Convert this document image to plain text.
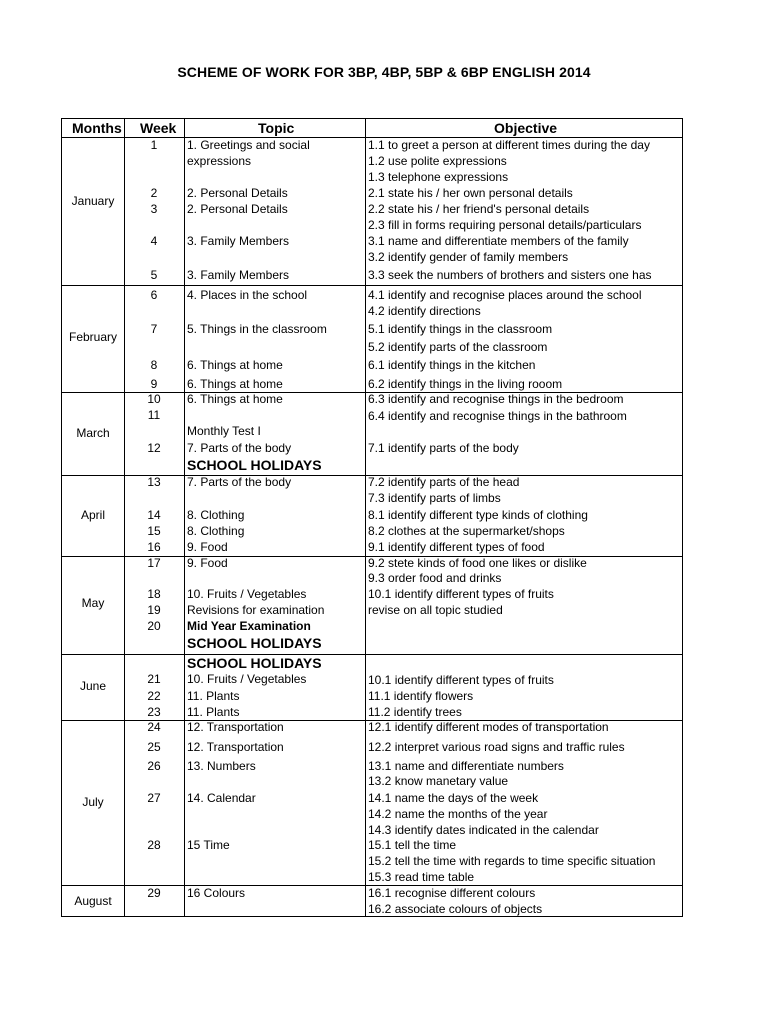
SCHEME OF WORK FOR 3BP, 4BP, 5BP & 6BP ENGLISH 2014
Months Week	Topic	Objective
January
February
March
April
May
June
July
August
1
2
3
4
5
6
7
8
9
10
11
12
13
14
15
16
17
18
19
20
21
22
23
24
25
26
27
28
29
1. Greetings and social
expressions
2. Personal Details
2. Personal Details
3. Family Members
3. Family Members
4. Places in the school
5. Things in the classroom
6. Things at home
6. Things at home
6. Things at home
Monthly Test I
7. Parts of the body
SCHOOL HOLIDAYS
7. Parts of the body
8. Clothing
8. Clothing
9. Food
9. Food
10. Fruits / Vegetables
Revisions for examination
Mid Year Examination
SCHOOL HOLIDAYS
SCHOOL HOLIDAYS
10. Fruits / Vegetables
11. Plants
11. Plants
12. Transportation
12. Transportation
13. Numbers
14. Calendar
15 Time
16 Colours
1.1 to greet a person at different times during the day
1.2 use polite expressions
1.3 telephone expressions
2.1 state his / her own personal details
2.2 state his / her friend's personal details
2.3 fill in forms requiring personal details/particulars
3.1 name and differentiate members of the family
3.2 identify gender of family members
3.3 seek the numbers of brothers and sisters one has
4.1 identify and recognise places around the school
4.2 identify directions
5.1 identify things in the classroom
5.2 identify parts of the classroom
6.1 identify things in the kitchen
6.2 identify things in the living rooom
6.3 identify and recognise things in the bedroom
6.4 identify and recognise things in the bathroom
7.1 identify parts of the body
7.2 identify parts of the head
7.3 identify parts of limbs
8.1 identify different type kinds of clothing
8.2 clothes at the supermarket/shops
9.1 identify different types of food
9.2 stete kinds of food one likes or dislike
9.3 order food and drinks
10.1 identify different types of fruits
revise on all topic studied
10.1 identify different types of fruits
11.1 identify flowers
11.2 identify trees
12.1 identify different modes of transportation
12.2 interpret various road signs and traffic rules
13.1 name and differentiate numbers
13.2 know manetary value
14.1 name the days of the week
14.2 name the months of the year
14.3 identify dates indicated in the calendar
15.1 tell the time
15.2 tell the time with regards to time specific situation
15.3 read time table
16.1 recognise different colours
16.2 associate colours of objects
